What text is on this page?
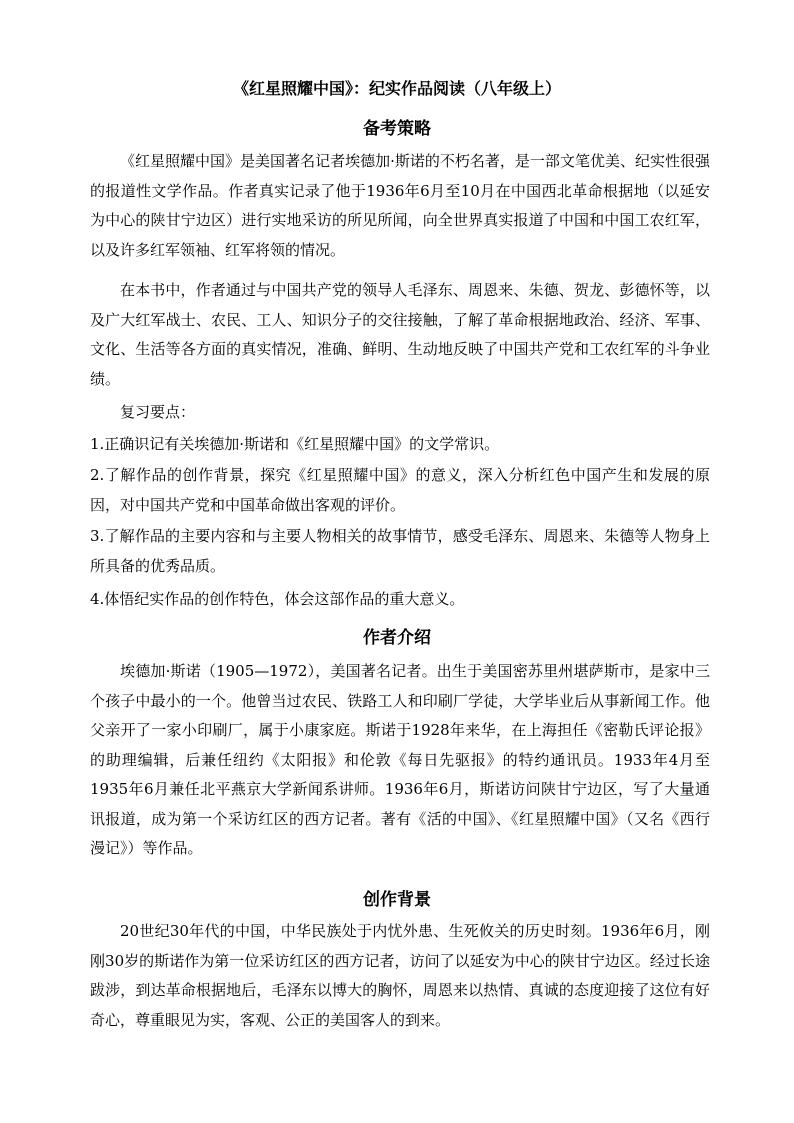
《红星照耀中国》：纪实作品阅读（八年级上）
备考策略

《红星照耀中国》是美国著名记者埃德加·斯诺的不朽名著，是一部文笔优美、纪实性很强的报道性文学作品。作者真实记录了他于1936年6月至10月在中国西北革命根据地（以延安为中心的陕甘宁边区）进行实地采访的所见所闻，向全世界真实报道了中国和中国工农红军，以及许多红军领袖、红军将领的情况。

在本书中，作者通过与中国共产党的领导人毛泽东、周恩来、朱德、贺龙、彭德怀等，以及广大红军战士、农民、工人、知识分子的交往接触，了解了革命根据地政治、经济、军事、文化、生活等各方面的真实情况，准确、鲜明、生动地反映了中国共产党和工农红军的斗争业绩。

复习要点：

1.正确识记有关埃德加·斯诺和《红星照耀中国》的文学常识。

2.了解作品的创作背景，探究《红星照耀中国》的意义，深入分析红色中国产生和发展的原因，对中国共产党和中国革命做出客观的评价。

3.了解作品的主要内容和与主要人物相关的故事情节，感受毛泽东、周恩来、朱德等人物身上所具备的优秀品质。

4.体悟纪实作品的创作特色，体会这部作品的重大意义。

作者介绍

埃德加·斯诺（1905—1972），美国著名记者。出生于美国密苏里州堪萨斯市，是家中三个孩子中最小的一个。他曾当过农民、铁路工人和印刷厂学徒，大学毕业后从事新闻工作。他父亲开了一家小印刷厂，属于小康家庭。斯诺于1928年来华，在上海担任《密勒氏评论报》的助理编辑，后兼任纽约《太阳报》和伦敦《每日先驱报》的特约通讯员。1933年4月至1935年6月兼任北平燕京大学新闻系讲师。1936年6月，斯诺访问陕甘宁边区，写了大量通讯报道，成为第一个采访红区的西方记者。著有《活的中国》、《红星照耀中国》（又名《西行漫记》）等作品。

创作背景

20世纪30年代的中国，中华民族处于内忧外患、生死攸关的历史时刻。1936年6月，刚刚30岁的斯诺作为第一位采访红区的西方记者，访问了以延安为中心的陕甘宁边区。经过长途跋涉，到达革命根据地后，毛泽东以博大的胸怀，周恩来以热情、真诚的态度迎接了这位有好奇心，尊重眼见为实，客观、公正的美国客人的到来。
